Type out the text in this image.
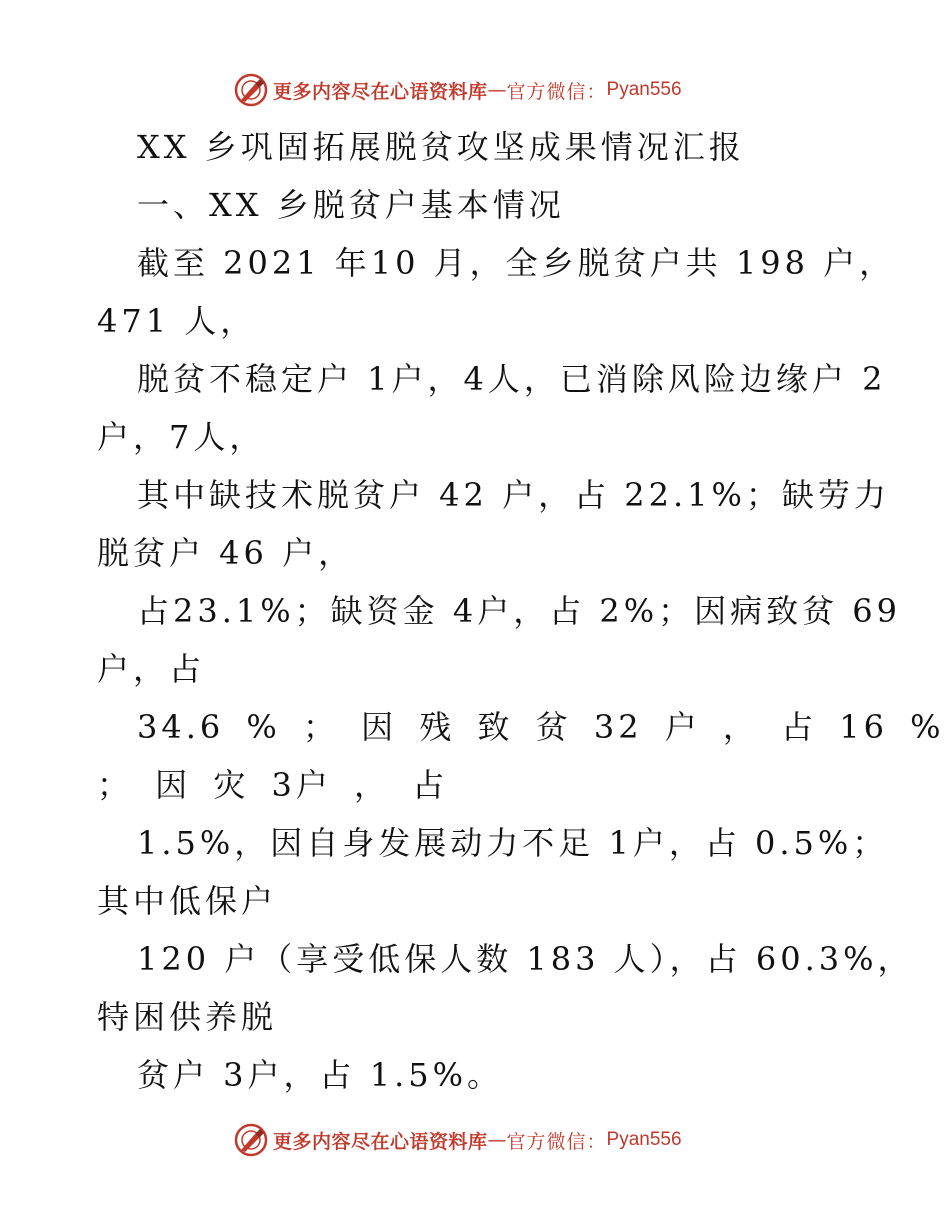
更多内容尽在心语资料库 — 官方微信： Pyan556

XX 乡巩固拓展脱贫攻坚成果情况汇报

一、XX 乡脱贫户基本情况

截至 2021 年10 月，全乡脱贫户共 198 户，

471 人，

脱贫不稳定户 1户，4人，已消除风险边缘户 2

户，7人，

其中缺技术脱贫户 42 户，占 22.1%；缺劳力

脱贫户 46 户，

占23.1%；缺资金 4户，占 2%；因病致贫 69

户，占

34.6 % ； 因 残 致 贫 32 户 ， 占 16 %

； 因 灾 3户 ， 占

1.5%，因自身发展动力不足 1户，占 0.5%；

其中低保户

120 户（享受低保人数 183 人），占 60.3%，

特困供养脱

贫户 3户，占 1.5%。

更多内容尽在心语资料库 — 官方微信： Pyan556
